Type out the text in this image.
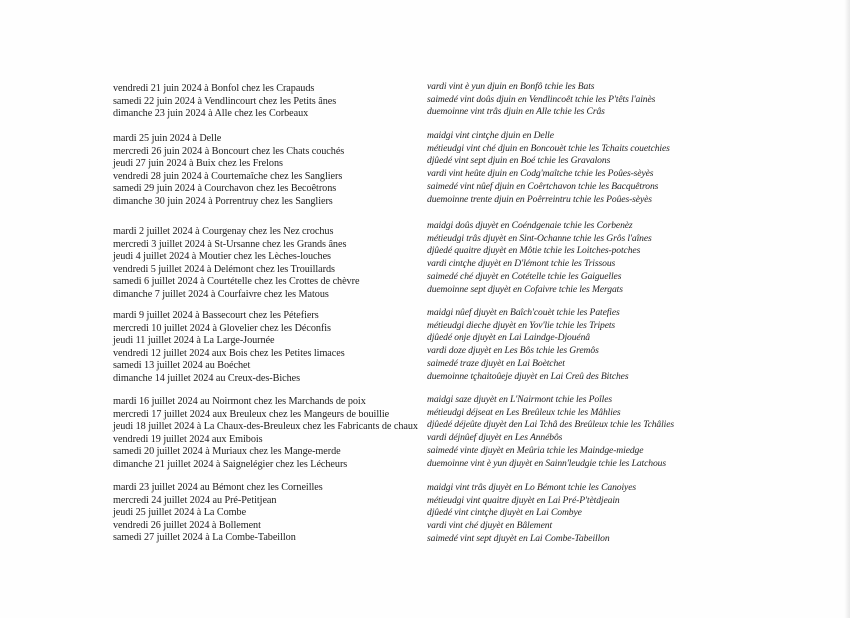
vendredi 21 juin 2024 à Bonfol chez les Crapauds
samedi 22 juin 2024 à Vendlincourt chez les Petits ânes
dimanche 23 juin 2024 à Alle chez les Corbeaux
mardi 25 juin 2024 à Delle
mercredi 26 juin 2024 à Boncourt chez les Chats couchés
jeudi 27 juin 2024 à Buix chez les Frelons
vendredi 28 juin 2024 à Courtemaîche chez les Sangliers
samedi 29 juin 2024 à Courchavon chez les Becoêtrons
dimanche 30 juin 2024 à Porrentruy chez les Sangliers
mardi 2 juillet 2024 à Courgenay chez les Nez crochus
mercredi 3 juillet 2024 à St-Ursanne chez les Grands ânes
jeudi 4 juillet 2024 à Moutier chez les Lèches-louches
vendredi 5 juillet 2024 à Delémont chez les Trouillards
samedi 6 juillet 2024 à Courtételle chez les Crottes de chèvre
dimanche 7 juillet 2024 à Courfaivre chez les Matous
mardi 9 juillet 2024 à Bassecourt chez les Pétefiers
mercredi 10 juillet 2024 à Glovelier chez les Déconfis
jeudi 11 juillet 2024 à La Large-Journée
vendredi 12 juillet 2024 aux Bois chez les Petites limaces
samedi 13 juillet 2024 au Boéchet
dimanche 14 juillet 2024 au Creux-des-Biches
mardi 16 juillet 2024 au Noirmont chez les Marchands de poix
mercredi 17 juillet 2024 aux Breuleux chez les Mangeurs de bouillie
jeudi 18 juillet 2024 à La Chaux-des-Breuleux chez les Fabricants de chaux
vendredi 19 juillet 2024 aux Emibois
samedi 20 juillet 2024 à Muriaux chez les Mange-merde
dimanche 21 juillet 2024 à Saignelégier chez les Lécheurs
mardi 23 juillet 2024 au Bémont chez les Corneilles
mercredi 24 juillet 2024 au Pré-Petitjean
jeudi 25 juillet 2024 à La Combe
vendredi 26 juillet 2024 à Bollement
samedi 27 juillet 2024 à La Combe-Tabeillon
vardi vint è yun djuin en Bonfô tchie les Bats
saimedé vint doûs djuin en Vendlincoêt tchie les P'têts l'ainès
duemoinne vint trâs djuin en Alle tchie les Crâs
maidgi vint cintçhe djuin en Delle
métieudgi vint ché djuin en Boncouèt tchie les Tchaits couetchies
djûedé vint sept djuin en Boé tchie les Gravalons
vardi vint heûte djuin en Codg'maîtche tchie les Poûes-sèyès
saimedé vint nûef djuin en Coêrtchavon tchie les Bacquêtrons
duemoinne trente djuin en Poêrreintru tchie les Poûes-sèyès
maidgi doûs djuyèt en Coéndgenaie tchie les Corbenèz
métieudgi trâs djuyèt en Sint-Ochanne tchie les Grôs l'aînes
djûedé quaitre djuyèt en Môtie tchie les Loitches-potches
vardi cintçhe djuyèt en D'lémont tchie les Trissous
saimedé ché djuyèt en Cotételle tchie les Gaiguelles
duemoinne sept djuyèt en Cofaivre tchie les Mergats
maidgi nûef djuyèt en Baîch'couèt tchie les Patefies
métieudgi dieche djuyèt en Yov'lie tchie les Tripets
djûedé onje djuyèt en Lai Laindge-Djouénâ
vardi doze djuyèt en Les Bôs tchie les Gremôs
saimedé traze djuyèt en Lai Boètchet
duemoinne tçhaitoûeje djuyèt en Lai Creû des Bitches
maidgi saze djuyèt en L'Nairmont tchie les Poîles
métieudgi déjseat en Les Breûleux tchie les Mâhlies
djûedé déjeûte djuyèt den Lai Tchâ des Breûleux tchie les Tchâlies
vardi déjnûef djuyèt en Les Annébôs
saimedé vinte djuyèt en Meûria tchie les Maindge-miedge
duemoinne vint è yun djuyèt en Sainn'leudgie tchie les Latchous
maidgi vint trâs djuyèt en Lo Bémont tchie les Canoiyes
métieudgi vint quaitre djuyèt en Lai Pré-P'tètdjeain
djûedé vint cintçhe djuyèt en Lai Combye
vardi vint ché djuyèt en Bâlement
saimedé vint sept djuyèt en Lai Combe-Tabeillon
